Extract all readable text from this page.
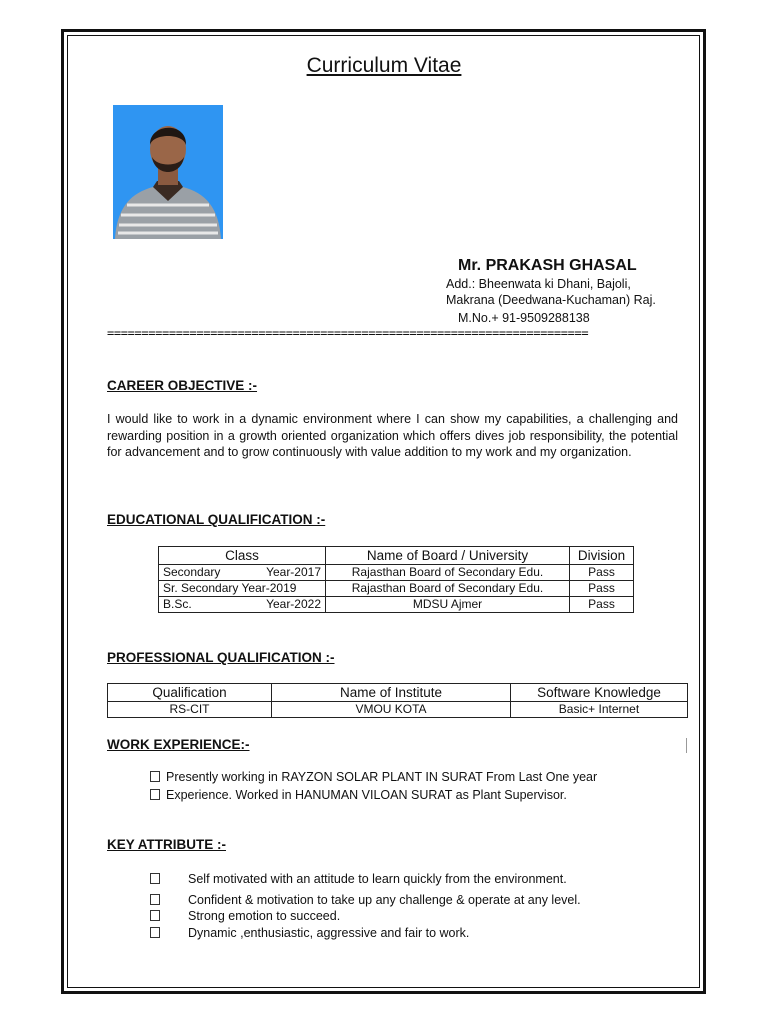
Curriculum Vitae
Mr. PRAKASH GHASAL
Add.: Bheenwata ki Dhani, Bajoli,
Makrana (Deedwana-Kuchaman) Raj.
M.No.+ 91-9509288138
======================================================================
CAREER OBJECTIVE :-
I would like to work in a dynamic environment where I can show my capabilities, a challenging and rewarding position in a growth oriented organization which offers dives job responsibility, the potential for advancement and to grow continuously with value addition to my work and my organization.
EDUCATIONAL QUALIFICATION :-
Class	Name of Board / University	Division
Secondary Year-2017	Rajasthan Board of Secondary Edu.	Pass
Sr. Secondary Year-2019	Rajasthan Board of Secondary Edu.	Pass
B.Sc. Year-2022	MDSU Ajmer	Pass
PROFESSIONAL QUALIFICATION :-
Qualification	Name of Institute	Software Knowledge
RS-CIT	VMOU KOTA	Basic+ Internet
WORK EXPERIENCE:-
Presently working in RAYZON SOLAR PLANT IN SURAT From Last One year
Experience. Worked in HANUMAN VILOAN SURAT as Plant Supervisor.
KEY ATTRIBUTE :-
Self motivated with an attitude to learn quickly from the environment.
Confident & motivation to take up any challenge & operate at any level.
Strong emotion to succeed.
Dynamic ,enthusiastic, aggressive and fair to work.
